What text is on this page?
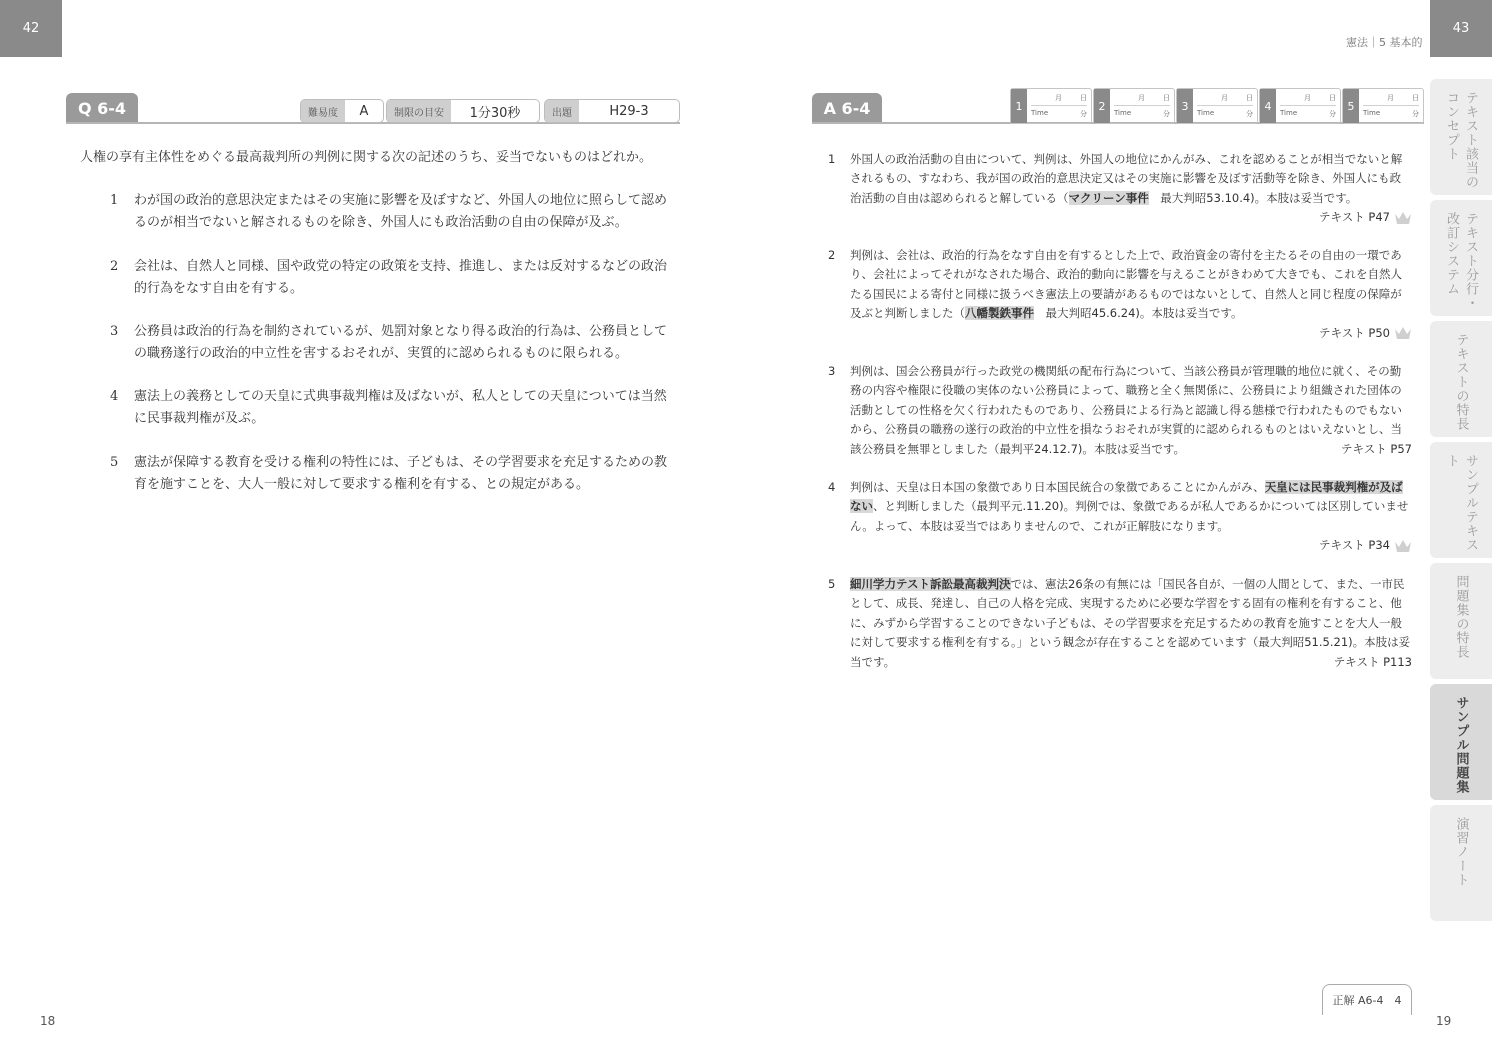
42
Q 6-4	難易度	A	制限の目安	1分30秒	出題	H29-3
人権の享有主体性をめぐる最高裁判所の判例に関する次の記述のうち、妥当でないものはどれか。
1 わが国の政治的意思決定またはその実施に影響を及ぼすなど、外国人の地位に照らして認めるのが相当でないと解されるものを除き、外国人にも政治活動の自由の保障が及ぶ。
2 会社は、自然人と同様、国や政党の特定の政策を支持、推進し、または反対するなどの政治的行為をなす自由を有する。
3 公務員は政治的行為を制約されているが、処罰対象となり得る政治的行為は、公務員としての職務遂行の政治的中立性を害するおそれが、実質的に認められるものに限られる。
4 憲法上の義務としての天皇に式典事裁判権は及ばないが、私人としての天皇については当然に民事裁判権が及ぶ。
5 憲法が保障する教育を受ける権利の特性には、子どもは、その学習要求を充足するための教育を施すことを、大人一般に対して要求する権利を有する、との規定がある。
18
憲法｜5 基本的
43
A 6-4	1
月	日
Time	分
2
月	日
Time	分
3
月	日
Time	分
4
月	日
Time	分
5
月	日
Time	分
1 外国人の政治活動の自由について、判例は、外国人の地位にかんがみ、これを認めることが相当でないと解されるもの、すなわち、我が国の政治的意思決定又はその実施に影響を及ぼす活動等を除き、外国人にも政治活動の自由は認められると解している（マクリーン事件　最大判昭53.10.4)。本肢は妥当です。
テキスト P47
2 判例は、会社は、政治的行為をなす自由を有するとした上で、政治資金の寄付を主たるその自由の一環であり、会社によってそれがなされた場合、政治的動向に影響を与えることがきわめて大きでも、これを自然人たる国民による寄付と同様に扱うべき憲法上の要請があるものではないとして、自然人と同じ程度の保障が及ぶと判断しました（八幡製鉄事件　最大判昭45.6.24)。本肢は妥当です。
テキスト P50
3 判例は、国会公務員が行った政党の機関紙の配布行為について、当該公務員が管理職的地位に就く、その勤務の内容や権限に役職の実体のない公務員によって、職務と全く無関係に、公務員により組織された団体の活動としての性格を欠く行われたものであり、公務員による行為と認識し得る態様で行われたものでもないから、公務員の職務の遂行の政治的中立性を損なうおそれが実質的に認められるものとはいえないとし、当該公務員を無罪としました（最判平24.12.7)。本肢は妥当です。	テキスト P57
4 判例は、天皇は日本国の象徴であり日本国民統合の象徴であることにかんがみ、天皇には民事裁判権が及ばない、と判断しました（最判平元.11.20)。判例では、象徴であるが私人であるかについては区別していません。よって、本肢は妥当ではありませんので、これが正解肢になります。
テキスト P34
5 細川学力テスト訴訟最高裁判決では、憲法26条の有無には「国民各自が、一個の人間として、また、一市民として、成長、発達し、自己の人格を完成、実現するために必要な学習をする固有の権利を有すること、他に、みずから学習することのできない子どもは、その学習要求を充足するための教育を施すことを大人一般に対して要求する権利を有する。」という観念が存在することを認めています（最大判昭51.5.21)。本肢は妥当です。	テキスト P113
正解 A6-4　4
19
テキスト該当のコンセプト
テキスト分行・改訂システム
テキストの特長
サンプルテキスト
問題集の特長
サンプル問題集
演習ノート
